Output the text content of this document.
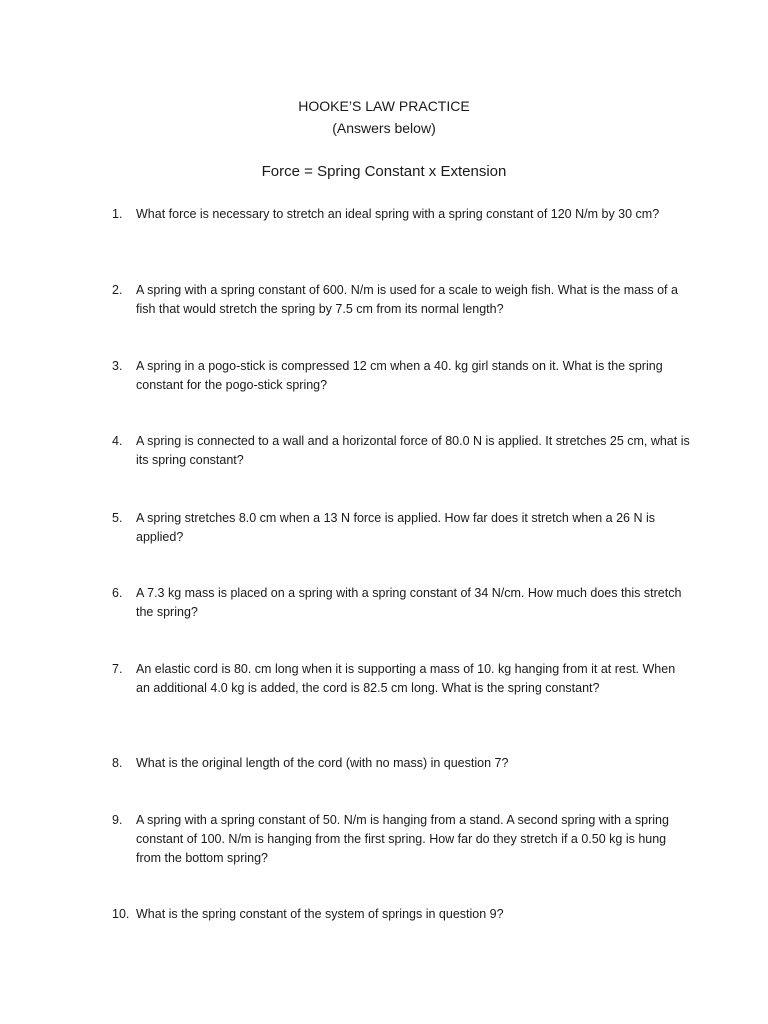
HOOKE’S LAW PRACTICE
(Answers below)
Force = Spring Constant x Extension
1.	What force is necessary to stretch an ideal spring with a spring constant of 120 N/m by 30 cm?
2.	A spring with a spring constant of 600. N/m is used for a scale to weigh fish. What is the mass of a fish that would stretch the spring by 7.5 cm from its normal length?
3.	A spring in a pogo-stick is compressed 12 cm when a 40. kg girl stands on it. What is the spring constant for the pogo-stick spring?
4.	A spring is connected to a wall and a horizontal force of 80.0 N is applied. It stretches 25 cm, what is its spring constant?
5.	A spring stretches 8.0 cm when a 13 N force is applied. How far does it stretch when a 26 N is applied?
6.	A 7.3 kg mass is placed on a spring with a spring constant of 34 N/cm. How much does this stretch the spring?
7.	An elastic cord is 80. cm long when it is supporting a mass of 10. kg hanging from it at rest. When an additional 4.0 kg is added, the cord is 82.5 cm long. What is the spring constant?
8.	What is the original length of the cord (with no mass) in question 7?
9.	A spring with a spring constant of 50. N/m is hanging from a stand. A second spring with a spring constant of 100. N/m is hanging from the first spring. How far do they stretch if a 0.50 kg is hung from the bottom spring?
10. What is the spring constant of the system of springs in question 9?
